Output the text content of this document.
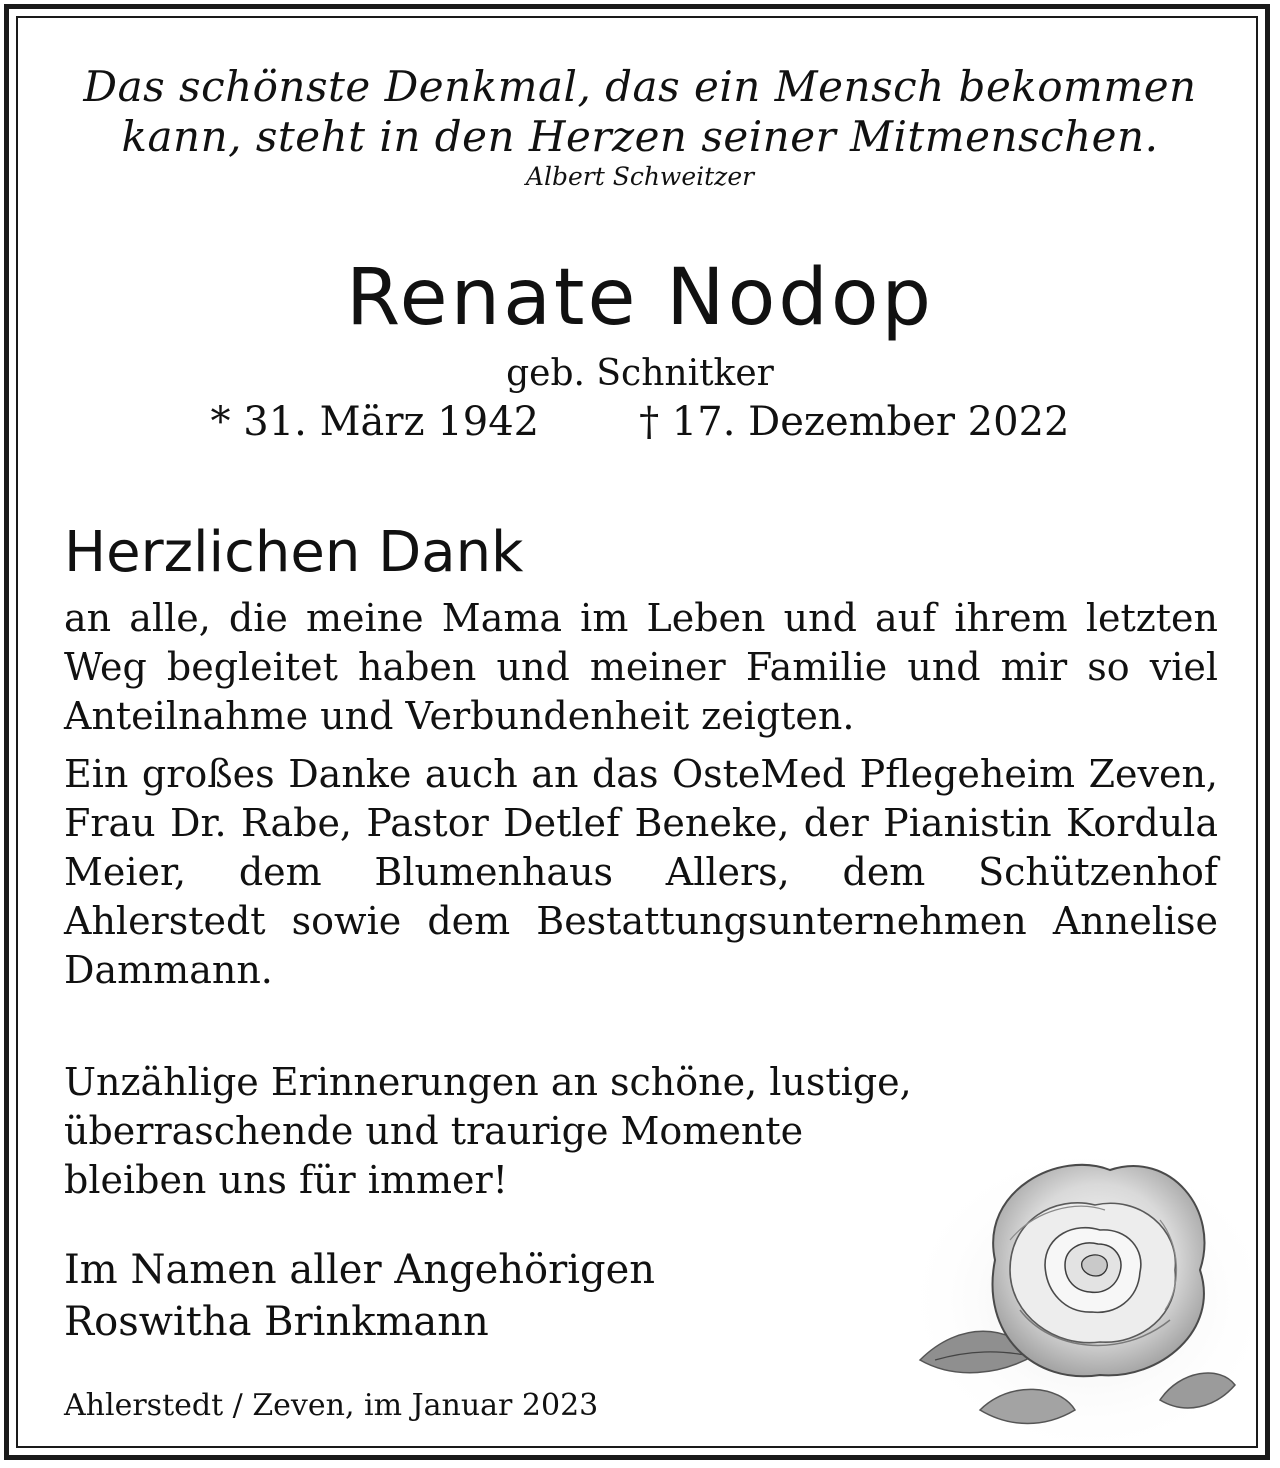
Das schönste Denkmal, das ein Mensch bekommen
kann, steht in den Herzen seiner Mitmenschen.
Albert Schweitzer
Renate Nodop
geb. Schnitker
* 31. März 1942	† 17. Dezember 2022
Herzlichen Dank
an alle, die meine Mama im Leben und auf ihrem letzten Weg begleitet haben und meiner Familie und mir so viel Anteilnahme und Verbundenheit zeigten.
Ein großes Danke auch an das OsteMed Pflegeheim Zeven, Frau Dr. Rabe, Pastor Detlef Beneke, der Pianistin Kordula Meier, dem Blumenhaus Allers, dem Schützenhof Ahlerstedt sowie dem Bestattungsunternehmen Annelise Dammann.
Unzählige Erinnerungen an schöne, lustige,
überraschende und traurige Momente
bleiben uns für immer!
Im Namen aller Angehörigen
Roswitha Brinkmann
Ahlerstedt / Zeven, im Januar 2023
